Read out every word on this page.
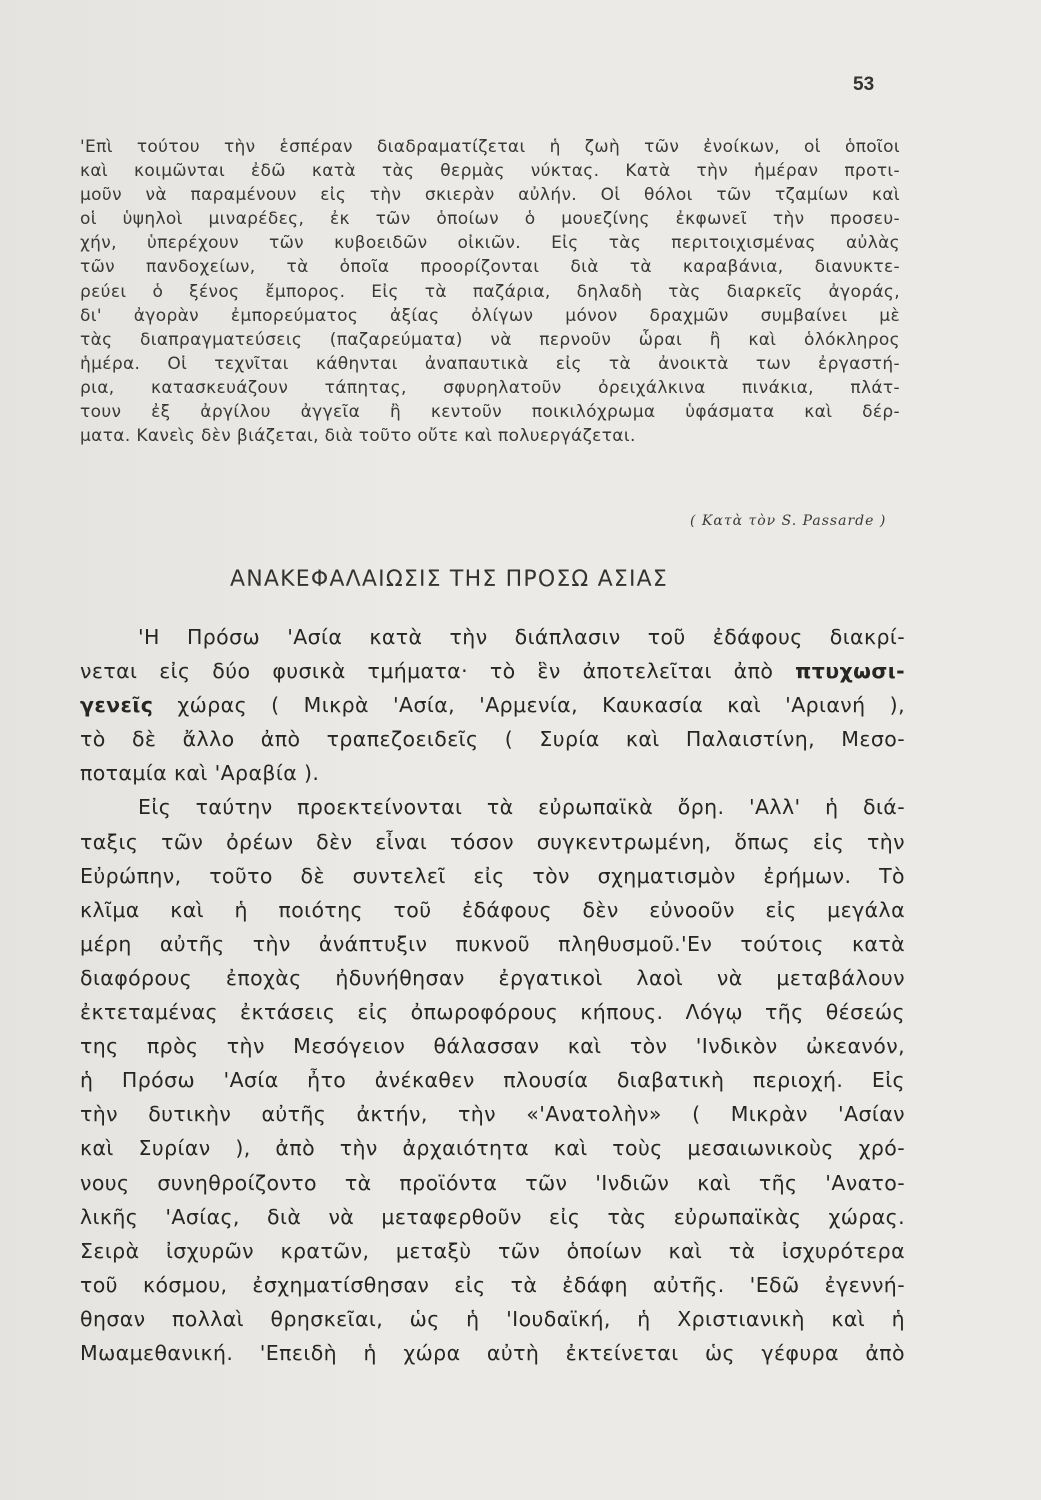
53
'Επὶ τούτου τὴν ἑσπέραν διαδραματίζεται ἡ ζωὴ τῶν ἐνοίκων, οἱ ὁποῖοι
καὶ κοιμῶνται ἐδῶ κατὰ τὰς θερμὰς νύκτας. Κατὰ τὴν ἡμέραν προτι-
μοῦν νὰ παραμένουν εἰς τὴν σκιερὰν αὐλήν. Οἱ θόλοι τῶν τζαμίων καὶ
οἱ ὑψηλοὶ μιναρέδες, ἐκ τῶν ὁποίων ὁ μουεζίνης ἐκφωνεῖ τὴν προσευ-
χήν, ὑπερέχουν τῶν κυβοειδῶν οἰκιῶν. Εἰς τὰς περιτοιχισμένας αὐλὰς
τῶν πανδοχείων, τὰ ὁποῖα προορίζονται διὰ τὰ καραβάνια, διανυκτε-
ρεύει ὁ ξένος ἔμπορος. Εἰς τὰ παζάρια, δηλαδὴ τὰς διαρκεῖς ἀγοράς,
δι' ἀγορὰν ἐμπορεύματος ἀξίας ὀλίγων μόνον δραχμῶν συμβαίνει μὲ
τὰς διαπραγματεύσεις (παζαρεύματα) νὰ περνοῦν ὧραι ἢ καὶ ὁλόκληρος
ἡμέρα. Οἱ τεχνῖται κάθηνται ἀναπαυτικὰ εἰς τὰ ἀνοικτὰ των ἐργαστή-
ρια, κατασκευάζουν τάπητας, σφυρηλατοῦν ὀρειχάλκινα πινάκια, πλάτ-
τουν ἐξ ἀργίλου ἀγγεῖα ἢ κεντοῦν ποικιλόχρωμα ὑφάσματα καὶ δέρ-
ματα. Κανεὶς δὲν βιάζεται, διὰ τοῦτο οὔτε καὶ πολυεργάζεται.
( Κατὰ τὸν S. Passarde )
ΑΝΑΚΕΦΑΛΑΙΩΣΙΣ ΤΗΣ ΠΡΟΣΩ ΑΣΙΑΣ
'Η Πρόσω 'Ασία κατὰ τὴν διάπλασιν τοῦ ἐδάφους διακρί-
νεται εἰς δύο φυσικὰ τμήματα· τὸ ἓν ἀποτελεῖται ἀπὸ πτυχωσι-
γενεῖς χώρας ( Μικρὰ 'Ασία, 'Αρμενία, Καυκασία καὶ 'Αριανή ),
τὸ δὲ ἄλλο ἀπὸ τραπεζοειδεῖς ( Συρία καὶ Παλαιστίνη, Μεσο-
ποταμία καὶ 'Αραβία ).
Εἰς ταύτην προεκτείνονται τὰ εὐρωπαϊκὰ ὄρη. 'Αλλ' ἡ διά-
ταξις τῶν ὀρέων δὲν εἶναι τόσον συγκεντρωμένη, ὅπως εἰς τὴν
Εὐρώπην, τοῦτο δὲ συντελεῖ εἰς τὸν σχηματισμὸν ἐρήμων. Τὸ
κλῖμα καὶ ἡ ποιότης τοῦ ἐδάφους δὲν εὐνοοῦν εἰς μεγάλα
μέρη αὐτῆς τὴν ἀνάπτυξιν πυκνοῦ πληθυσμοῦ.'Εν τούτοις κατὰ
διαφόρους ἐποχὰς ἠδυνήθησαν ἐργατικοὶ λαοὶ νὰ μεταβάλουν
ἐκτεταμένας ἐκτάσεις εἰς ὀπωροφόρους κήπους. Λόγῳ τῆς θέσεώς
της πρὸς τὴν Μεσόγειον θάλασσαν καὶ τὸν 'Ινδικὸν ὠκεανόν,
ἡ Πρόσω 'Ασία ἦτο ἀνέκαθεν πλουσία διαβατικὴ περιοχή. Εἰς
τὴν δυτικὴν αὐτῆς ἀκτήν, τὴν «'Ανατολὴν» ( Μικρὰν 'Ασίαν
καὶ Συρίαν ), ἀπὸ τὴν ἀρχαιότητα καὶ τοὺς μεσαιωνικοὺς χρό-
νους συνηθροίζοντο τὰ προϊόντα τῶν 'Ινδιῶν καὶ τῆς 'Ανατο-
λικῆς 'Ασίας, διὰ νὰ μεταφερθοῦν εἰς τὰς εὐρωπαϊκὰς χώρας.
Σειρὰ ἰσχυρῶν κρατῶν, μεταξὺ τῶν ὁποίων καὶ τὰ ἰσχυρότερα
τοῦ κόσμου, ἐσχηματίσθησαν εἰς τὰ ἐδάφη αὐτῆς. 'Εδῶ ἐγεννή-
θησαν πολλαὶ θρησκεῖαι, ὡς ἡ 'Ιουδαϊκή, ἡ Χριστιανικὴ καὶ ἡ
Μωαμεθανική. 'Επειδὴ ἡ χώρα αὐτὴ ἐκτείνεται ὡς γέφυρα ἀπὸ
